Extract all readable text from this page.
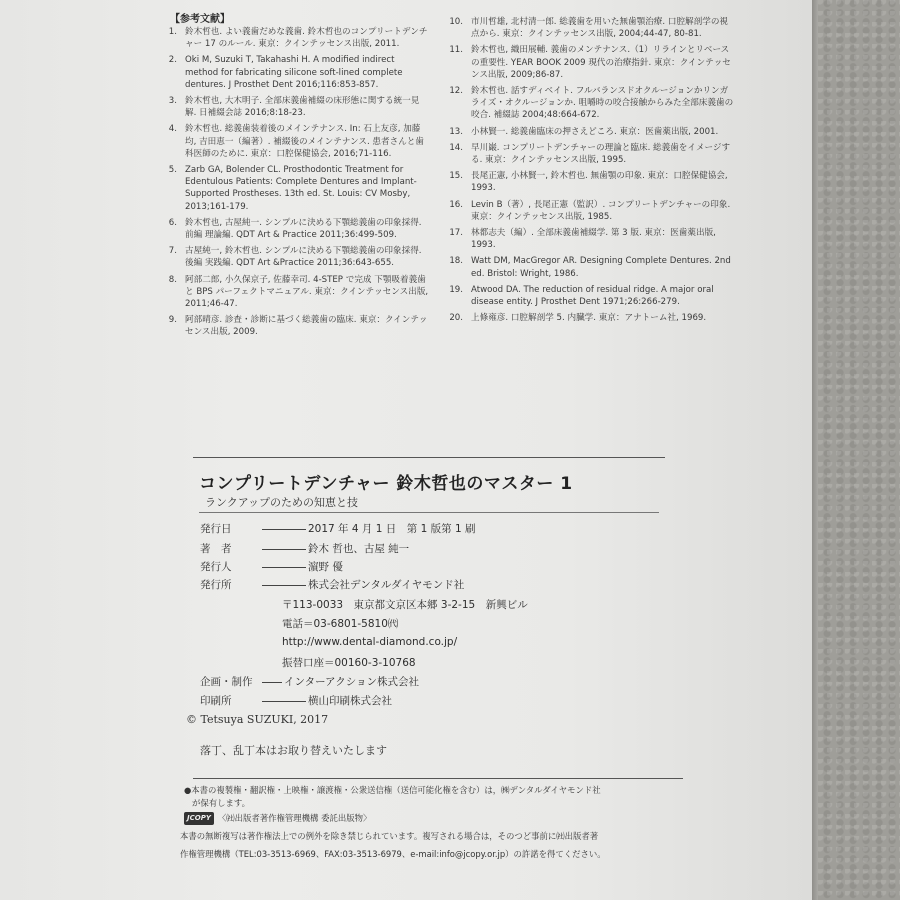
【参考文献】
1. 鈴木哲也. よい義歯だめな義歯. 鈴木哲也のコンプリートデンチャー 17 のルール. 東京：クインテッセンス出版, 2011.
2. Oki M, Suzuki T, Takahashi H. A modified indirect method for fabricating silicone soft-lined complete dentures. J Prosthet Dent 2016;116:853-857.
3. 鈴木哲也, 大木明子. 全部床義歯補綴の床形態に関する統一見解. 日補綴会誌 2016;8:18-23.
4. 鈴木哲也. 総義歯装着後のメインテナンス. In: 石上友彦, 加藤均, 吉田恵一（編著）. 補綴後のメインテナンス. 患者さんと歯科医師のために. 東京：口腔保健協会, 2016;71-116.
5. Zarb GA, Bolender CL. Prosthodontic Treatment for Edentulous Patients: Complete Dentures and Implant-Supported Prostheses. 13th ed. St. Louis: CV Mosby, 2013;161-179.
6. 鈴木哲也, 古屋純一. シンプルに決める下顎総義歯の印象採得. 前編 理論編. QDT Art & Practice 2011;36:499-509.
7. 古屋純一, 鈴木哲也. シンプルに決める下顎総義歯の印象採得. 後編 実践編. QDT Art &Practice 2011;36:643-655.
8. 阿部二郎, 小久保京子, 佐藤幸司. 4-STEP で完成 下顎吸着義歯と BPS パーフェクトマニュアル. 東京：クインテッセンス出版, 2011;46-47.
9. 阿部晴彦. 診査・診断に基づく総義歯の臨床. 東京：クインテッセンス出版, 2009.
10. 市川哲雄, 北村清一郎. 総義歯を用いた無歯顎治療. 口腔解剖学の視点から. 東京：クインテッセンス出版, 2004;44-47, 80-81.
11. 鈴木哲也, 織田展輔. 義歯のメンテナンス.（1）リラインとリベースの重要性. YEAR BOOK 2009 現代の治療指針. 東京：クインテッセンス出版, 2009;86-87.
12. 鈴木哲也. 話すディベイト. フルバランスドオクルージョンかリンガライズ・オクルージョンか. 咀嚼時の咬合接触からみた全部床義歯の咬合. 補綴誌 2004;48:664-672.
13. 小林賢一. 総義歯臨床の押さえどころ. 東京：医歯薬出版, 2001.
14. 早川巌. コンプリートデンチャーの理論と臨床. 総義歯をイメージする. 東京：クインテッセンス出版, 1995.
15. 長尾正憲, 小林賢一, 鈴木哲也. 無歯顎の印象. 東京：口腔保健協会, 1993.
16. Levin B（著）, 長尾正憲（監訳）. コンプリートデンチャーの印象. 東京：クインテッセンス出版, 1985.
17. 林都志夫（編）. 全部床義歯補綴学. 第 3 版. 東京：医歯薬出版, 1993.
18. Watt DM, MacGregor AR. Designing Complete Dentures. 2nd ed. Bristol: Wright, 1986.
19. Atwood DA. The reduction of residual ridge. A major oral disease entity. J Prosthet Dent 1971;26:266-279.
20. 上條雍彦. 口腔解剖学 5. 内臓学. 東京：アナトーム社, 1969.
コンプリートデンチャー 鈴木哲也のマスター 1
ランクアップのための知恵と技
発行日	2017 年 4 月 1 日　第 1 版第 1 刷
著　者	鈴木 哲也、古屋 純一
発行人	濵野 優
発行所	株式会社デンタルダイヤモンド社
〒113-0033　東京都文京区本郷 3-2-15　新興ビル
電話＝03-6801-5810㈹
http://www.dental-diamond.co.jp/
振替口座＝00160-3-10768
企画・制作	インターアクション株式会社
印刷所	横山印刷株式会社
© Tetsuya SUZUKI, 2017
落丁、乱丁本はお取り替えいたします
●本書の複製権・翻訳権・上映権・譲渡権・公衆送信権（送信可能化権を含む）は，㈱デンタルダイヤモンド社
が保有します。
JCOPY 〈㈳出版者著作権管理機構 委託出版物〉
本書の無断複写は著作権法上での例外を除き禁じられています。複写される場合は，そのつど事前に㈳出版者著
作権管理機構（TEL:03-3513-6969、FAX:03-3513-6979、e-mail:info@jcopy.or.jp）の許諾を得てください。
